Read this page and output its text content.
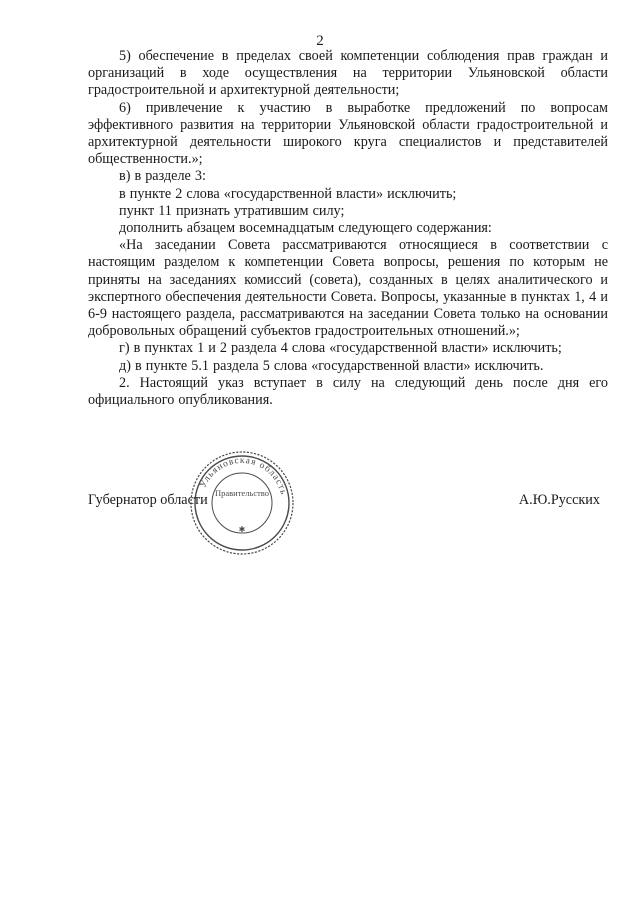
2

5) обеспечение в пределах своей компетенции соблюдения прав граждан и организаций в ходе осуществления на территории Ульяновской области градостроительной и архитектурной деятельности;

6) привлечение к участию в выработке предложений по вопросам эффективного развития на территории Ульяновской области градостроительной и архитектурной деятельности широкого круга специалистов и представителей общественности.»;

в) в разделе 3:

в пункте 2 слова «государственной власти» исключить;

пункт 11 признать утратившим силу;

дополнить абзацем восемнадцатым следующего содержания:

«На заседании Совета рассматриваются относящиеся в соответствии с настоящим разделом к компетенции Совета вопросы, решения по которым не приняты на заседаниях комиссий (совета), созданных в целях аналитического и экспертного обеспечения деятельности Совета. Вопросы, указанные в пунктах 1, 4 и 6-9 настоящего раздела, рассматриваются на заседании Совета только на основании добровольных обращений субъектов градостроительных отношений.»;

г) в пунктах 1 и 2 раздела 4 слова «государственной власти» исключить;

д) в пункте 5.1 раздела 5 слова «государственной власти» исключить.

2. Настоящий указ вступает в силу на следующий день после дня его официального опубликования.

Губернатор области	А.Ю.Русских
Ульяновская область
Правительство
✱
